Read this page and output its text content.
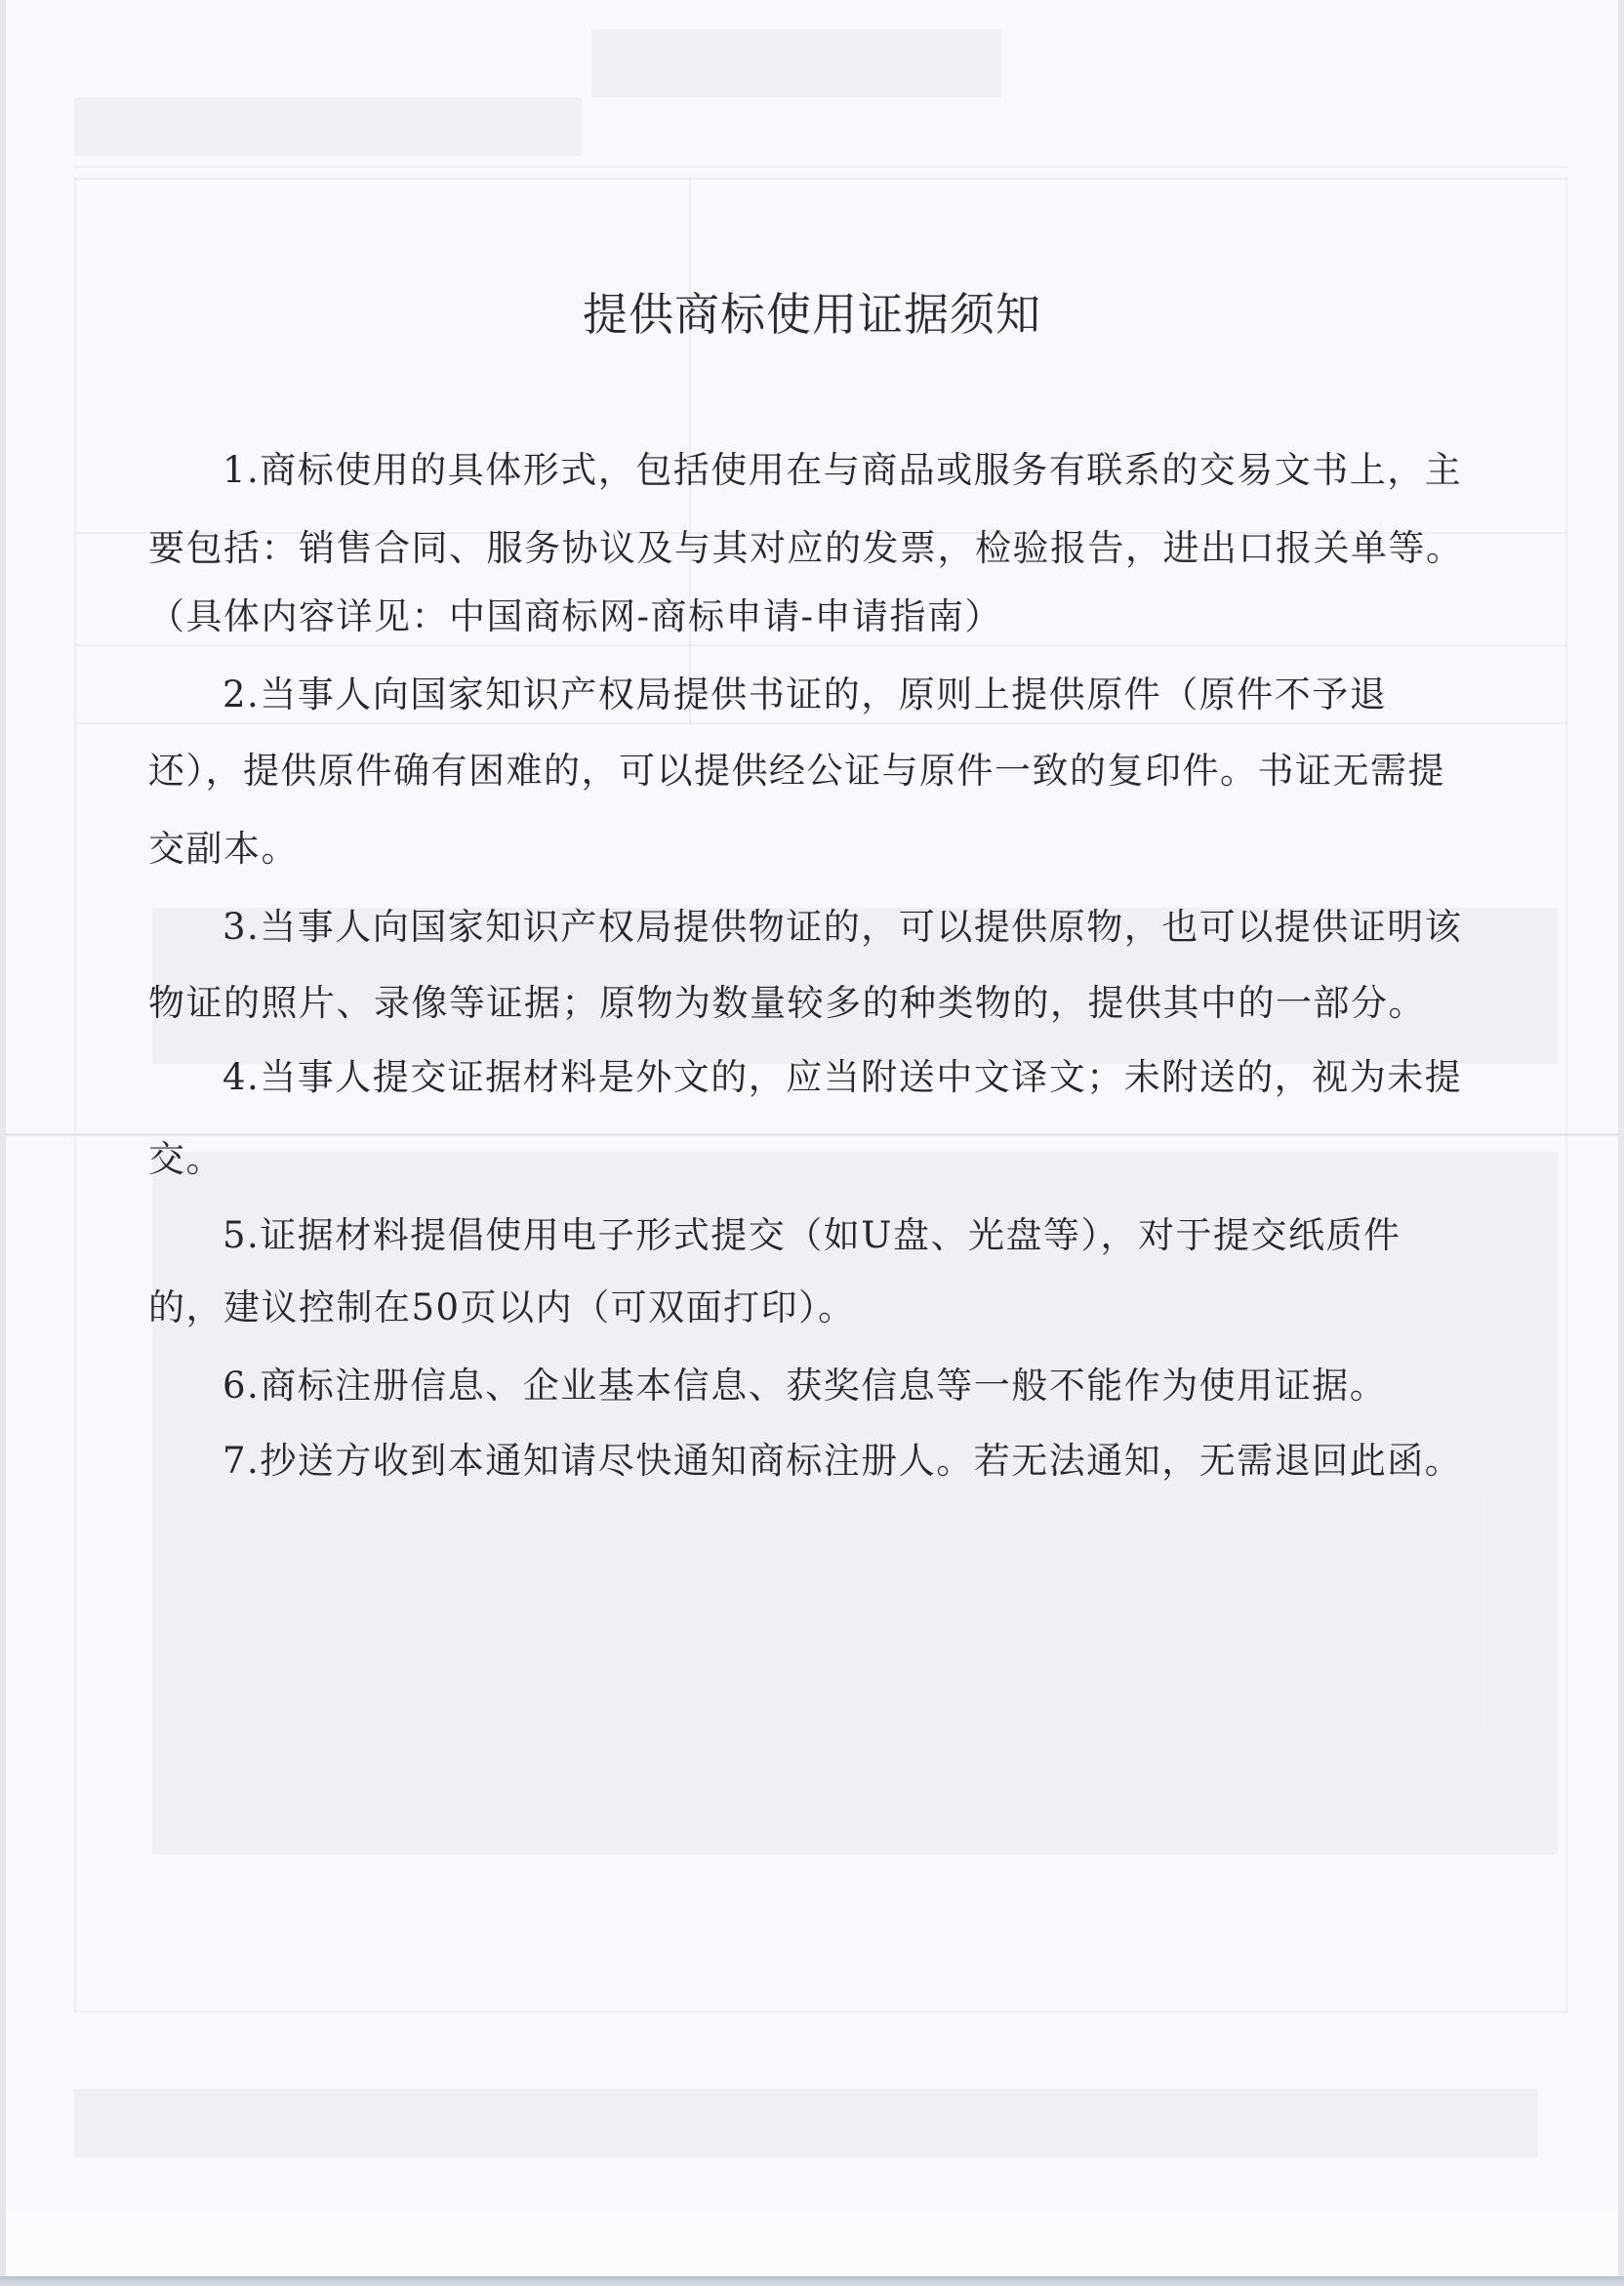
提供商标使用证据须知
1.商标使用的具体形式，包括使用在与商品或服务有联系的交易文书上，主
要包括：销售合同、服务协议及与其对应的发票，检验报告，进出口报关单等。
（具体内容详见：中国商标网-商标申请-申请指南）
2.当事人向国家知识产权局提供书证的，原则上提供原件（原件不予退
还），提供原件确有困难的，可以提供经公证与原件一致的复印件。书证无需提
交副本。
3.当事人向国家知识产权局提供物证的，可以提供原物，也可以提供证明该
物证的照片、录像等证据；原物为数量较多的种类物的，提供其中的一部分。
4.当事人提交证据材料是外文的，应当附送中文译文；未附送的，视为未提
交。
5.证据材料提倡使用电子形式提交（如U盘、光盘等），对于提交纸质件
的，建议控制在50页以内（可双面打印）。
6.商标注册信息、企业基本信息、获奖信息等一般不能作为使用证据。
7.抄送方收到本通知请尽快通知商标注册人。若无法通知，无需退回此函。
